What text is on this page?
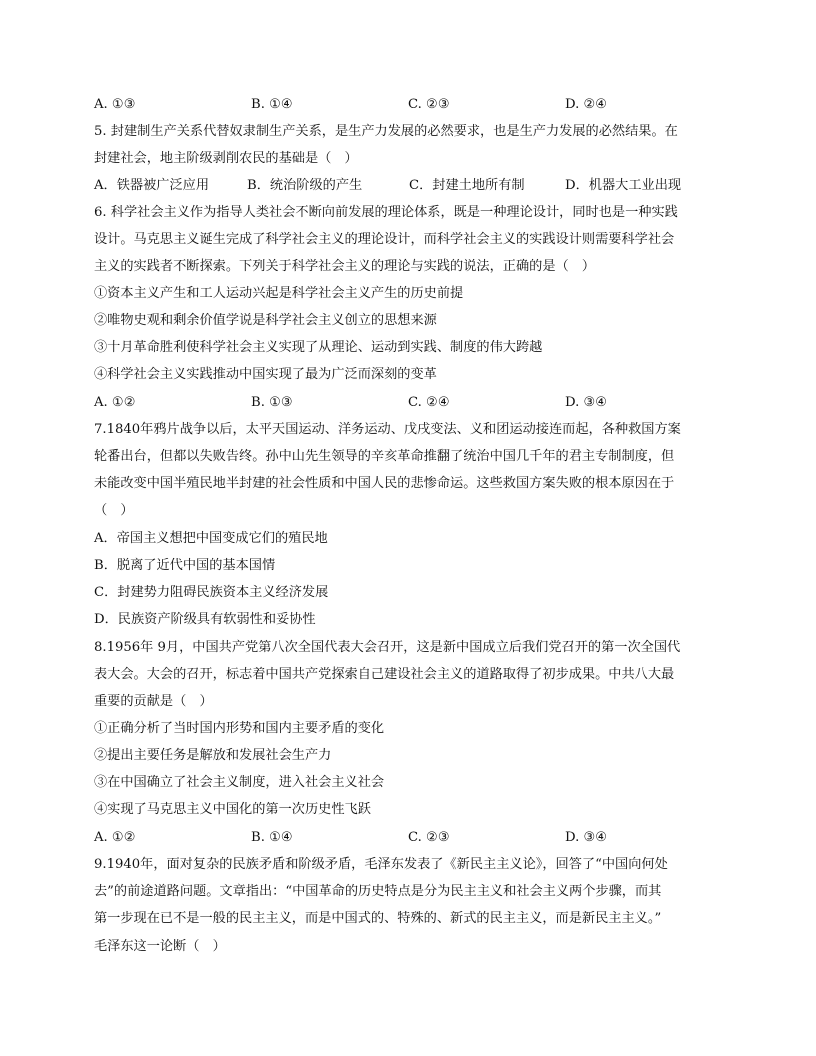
A. ①③	B. ①④	C. ②③	D. ②④
5. 封建制生产关系代替奴隶制生产关系，是生产力发展的必然要求，也是生产力发展的必然结果。在
封建社会，地主阶级剥削农民的基础是（　）
A．铁器被广泛应用	B．统治阶级的产生	C．封建土地所有制	D．机器大工业出现
6. 科学社会主义作为指导人类社会不断向前发展的理论体系，既是一种理论设计，同时也是一种实践
设计。马克思主义诞生完成了科学社会主义的理论设计，而科学社会主义的实践设计则需要科学社会
主义的实践者不断探索。下列关于科学社会主义的理论与实践的说法，正确的是（　）
①资本主义产生和工人运动兴起是科学社会主义产生的历史前提
②唯物史观和剩余价值学说是科学社会主义创立的思想来源
③十月革命胜利使科学社会主义实现了从理论、运动到实践、制度的伟大跨越
④科学社会主义实践推动中国实现了最为广泛而深刻的变革
A. ①②	B. ①③	C. ②④	D. ③④
7.1840年鸦片战争以后，太平天国运动、洋务运动、戊戌变法、义和团运动接连而起，各种救国方案
轮番出台，但都以失败告终。孙中山先生领导的辛亥革命推翻了统治中国几千年的君主专制制度，但
未能改变中国半殖民地半封建的社会性质和中国人民的悲惨命运。这些救国方案失败的根本原因在于
（　）
A．帝国主义想把中国变成它们的殖民地
B．脱离了近代中国的基本国情
C．封建势力阻碍民族资本主义经济发展
D．民族资产阶级具有软弱性和妥协性
8.1956年 9月，中国共产党第八次全国代表大会召开，这是新中国成立后我们党召开的第一次全国代
表大会。大会的召开，标志着中国共产党探索自己建设社会主义的道路取得了初步成果。中共八大最
重要的贡献是（　）
①正确分析了当时国内形势和国内主要矛盾的变化
②提出主要任务是解放和发展社会生产力
③在中国确立了社会主义制度，进入社会主义社会
④实现了马克思主义中国化的第一次历史性飞跃
A. ①②	B. ①④	C. ②③	D. ③④
9.1940年，面对复杂的民族矛盾和阶级矛盾，毛泽东发表了《新民主主义论》，回答了“中国向何处
去”的前途道路问题。文章指出：“中国革命的历史特点是分为民主主义和社会主义两个步骤，而其
第一步现在已不是一般的民主主义，而是中国式的、特殊的、新式的民主主义，而是新民主主义。”
毛泽东这一论断（　）
